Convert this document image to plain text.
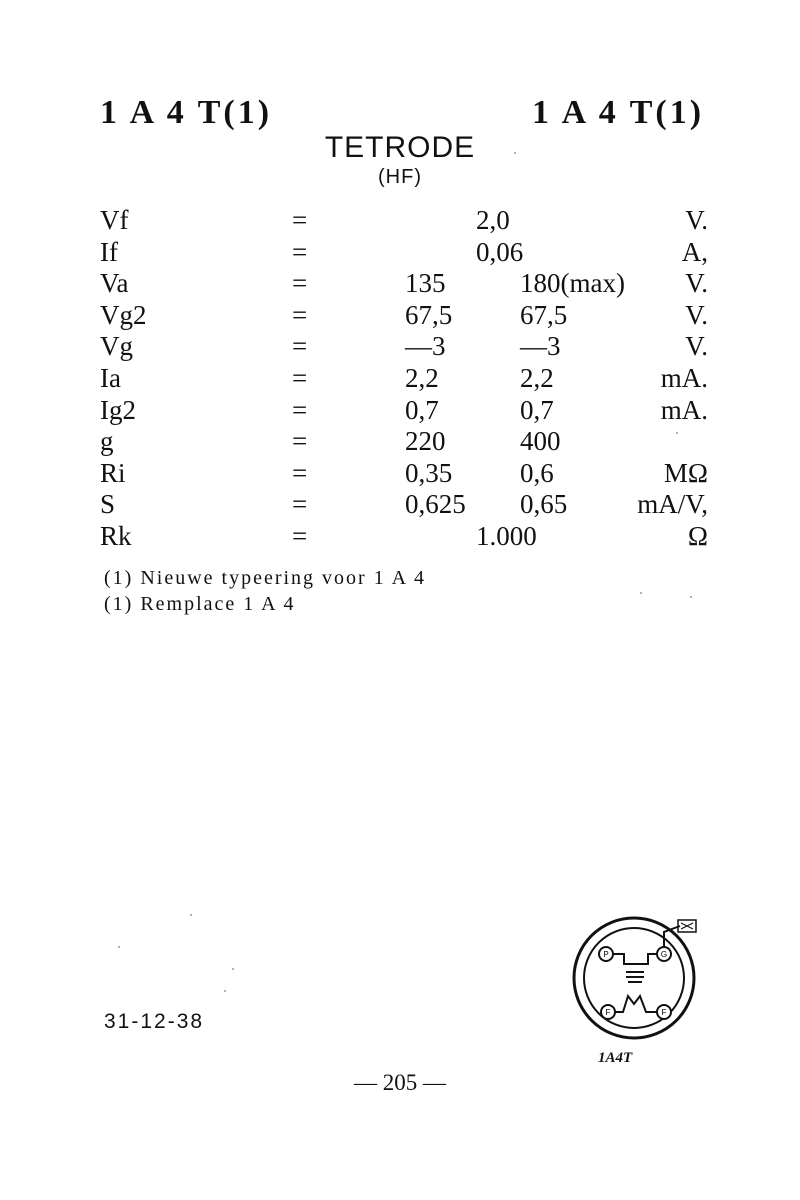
1 A 4 T(1)	1 A 4 T(1)
TETRODE
(HF)
Vf	=	2,0	V.
If	=	0,06	A,
Va	=	135	180(max) V.
Vg2	=	67,5	67,5	V.
Vg	=	—3	—3	V.
Ia	=	2,2	2,2	mA.
Ig2	=	0,7	0,7	mA.
g	=	220	400
Ri	=	0,35	0,6	MΩ
S	=	0,625 0,65	mA/V,
Rk	=	1.000	Ω
(1) Nieuwe typeering voor 1 A 4
(1) Remplace 1 A 4
31-12-38
P	G
F	F
1A4T
— 205 —
